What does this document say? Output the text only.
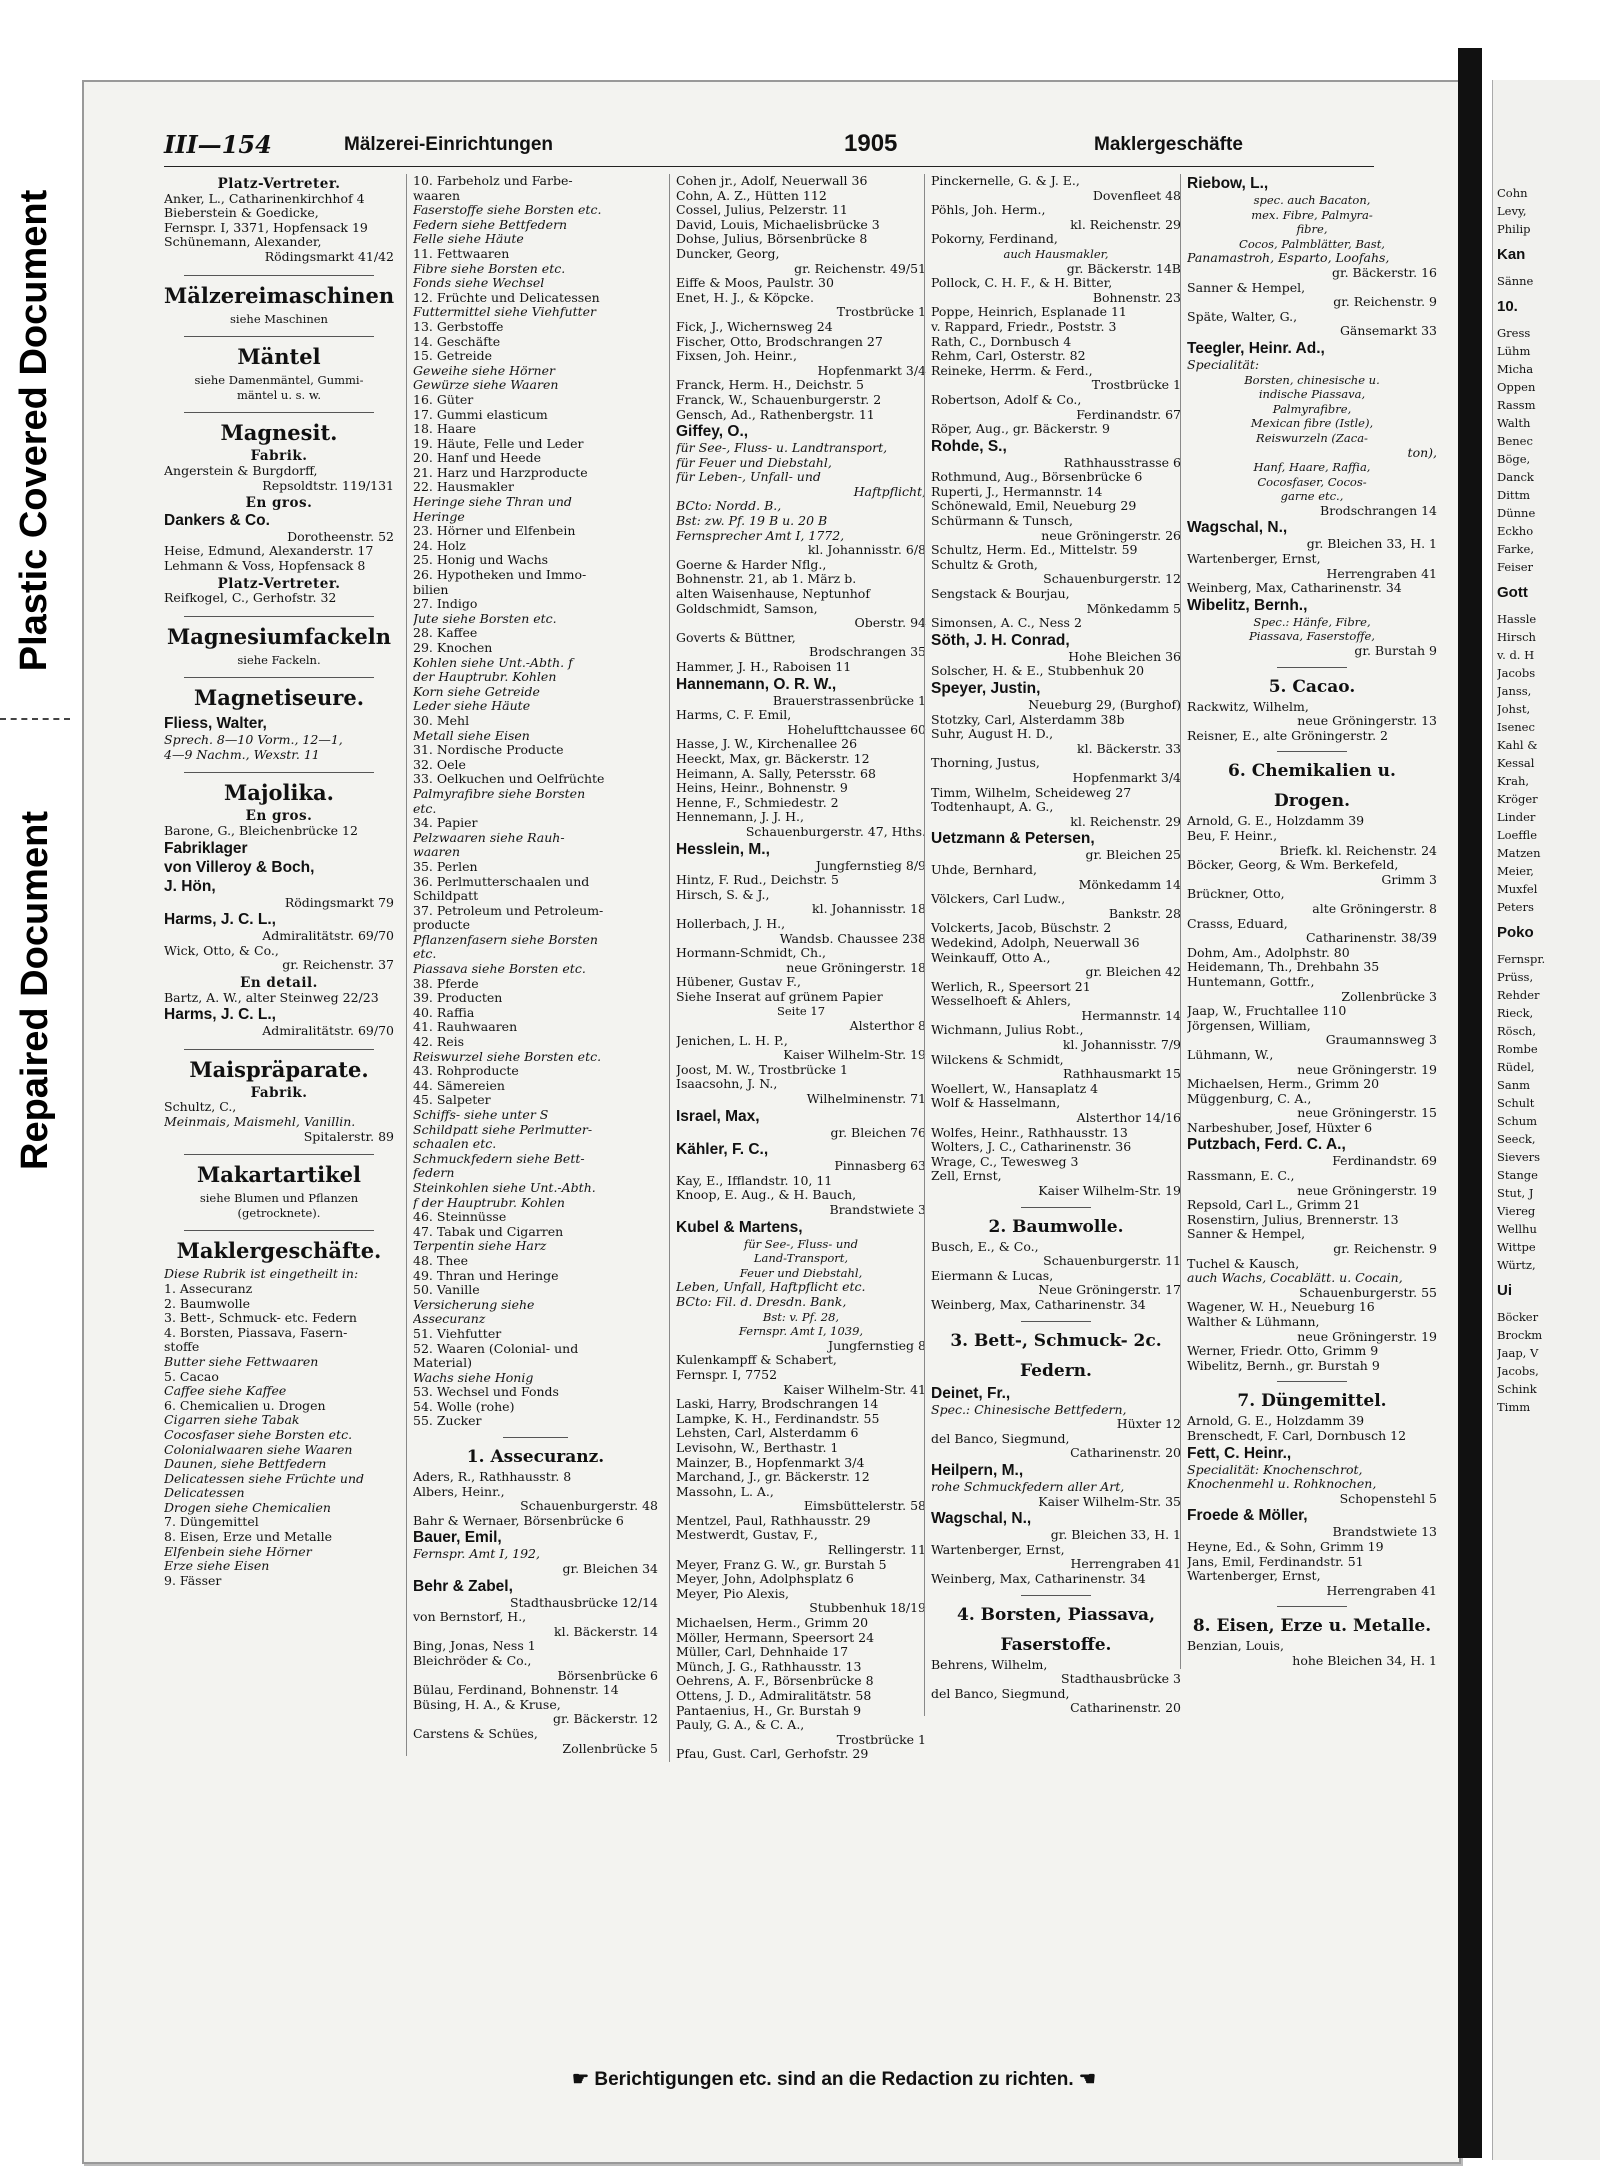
Plastic Covered Document
Repaired Document
III—154	Mälzerei-Einrichtungen	1905	Maklergeschäfte
Platz-Vertreter.
Anker, L., Catharinenkirchhof 4
Bieberstein & Goedicke,
Fernspr. I, 3371, Hopfensack 19
Schünemann, Alexander,
Rödingsmarkt 41/42
Mälzereimaschinen
siehe Maschinen
Mäntel
siehe Damenmäntel, Gummi-
mäntel u. s. w.
Magnesit.
Fabrik.
Angerstein & Burgdorff,
Repsoldtstr. 119/131
En gros.
Dankers & Co.
Dorotheenstr. 52
Heise, Edmund, Alexanderstr. 17
Lehmann & Voss, Hopfensack 8
Platz-Vertreter.
Reifkogel, C., Gerhofstr. 32
Magnesiumfackeln
siehe Fackeln.
Magnetiseure.
Fliess, Walter,
Sprech. 8—10 Vorm., 12—1,
4—9 Nachm., Wexstr. 11
Majolika.
En gros.
Barone, G., Bleichenbrücke 12
Fabriklager
von Villeroy & Boch,
J. Hön,
Rödingsmarkt 79
Harms, J. C. L.,
Admiralitätstr. 69/70
Wick, Otto, & Co.,
gr. Reichenstr. 37
En detail.
Bartz, A. W., alter Steinweg 22/23
Harms, J. C. L.,
Admiralitätstr. 69/70
Maispräparate.
Fabrik.
Schultz, C.,
Meinmais, Maismehl, Vanillin.
Spitalerstr. 89
Makartartikel
siehe Blumen und Pflanzen
(getrocknete).
Maklergeschäfte.
Diese Rubrik ist eingetheilt in:
1. Assecuranz
2. Baumwolle
3. Bett-, Schmuck- etc. Federn
4. Borsten, Piassava, Fasern-
stoffe
Butter siehe Fettwaaren
5. Cacao
Caffee siehe Kaffee
6. Chemicalien u. Drogen
Cigarren siehe Tabak
Cocosfaser siehe Borsten etc.
Colonialwaaren siehe Waaren
Daunen, siehe Bettfedern
Delicatessen siehe Früchte und
Delicatessen
Drogen siehe Chemicalien
7. Düngemittel
8. Eisen, Erze und Metalle
Elfenbein siehe Hörner
Erze siehe Eisen
9. Fässer
10. Farbeholz und Farbe-
waaren
Faserstoffe siehe Borsten etc.
Federn siehe Bettfedern
Felle siehe Häute
11. Fettwaaren
Fibre siehe Borsten etc.
Fonds siehe Wechsel
12. Früchte und Delicatessen
Futtermittel siehe Viehfutter
13. Gerbstoffe
14. Geschäfte
15. Getreide
Geweihe siehe Hörner
Gewürze siehe Waaren
16. Güter
17. Gummi elasticum
18. Haare
19. Häute, Felle und Leder
20. Hanf und Heede
21. Harz und Harzproducte
22. Hausmakler
Heringe siehe Thran und
Heringe
23. Hörner und Elfenbein
24. Holz
25. Honig und Wachs
26. Hypotheken und Immo-
bilien
27. Indigo
Jute siehe Borsten etc.
28. Kaffee
29. Knochen
Kohlen siehe Unt.-Abth. f
der Hauptrubr. Kohlen
Korn siehe Getreide
Leder siehe Häute
30. Mehl
Metall siehe Eisen
31. Nordische Producte
32. Oele
33. Oelkuchen und Oelfrüchte
Palmyrafibre siehe Borsten
etc.
34. Papier
Pelzwaaren siehe Rauh-
waaren
35. Perlen
36. Perlmutterschaalen und
Schildpatt
37. Petroleum und Petroleum-
producte
Pflanzenfasern siehe Borsten
etc.
Piassava siehe Borsten etc.
38. Pferde
39. Producten
40. Raffia
41. Rauhwaaren
42. Reis
Reiswurzel siehe Borsten etc.
43. Rohproducte
44. Sämereien
45. Salpeter
Schiffs- siehe unter S
Schildpatt siehe Perlmutter-
schaalen etc.
Schmuckfedern siehe Bett-
federn
Steinkohlen siehe Unt.-Abth.
f der Hauptrubr. Kohlen
46. Steinnüsse
47. Tabak und Cigarren
Terpentin siehe Harz
48. Thee
49. Thran und Heringe
50. Vanille
Versicherung siehe
Assecuranz
51. Viehfutter
52. Waaren (Colonial- und
Material)
Wachs siehe Honig
53. Wechsel und Fonds
54. Wolle (rohe)
55. Zucker
1. Assecuranz.
Aders, R., Rathhausstr. 8
Albers, Heinr.,
Schauenburgerstr. 48
Bahr & Wernaer, Börsenbrücke 6
Bauer, Emil,
Fernspr. Amt I, 192,
gr. Bleichen 34
Behr & Zabel,
Stadthausbrücke 12/14
von Bernstorf, H.,
kl. Bäckerstr. 14
Bing, Jonas, Ness 1
Bleichröder & Co.,
Börsenbrücke 6
Bülau, Ferdinand, Bohnenstr. 14
Büsing, H. A., & Kruse,
gr. Bäckerstr. 12
Carstens & Schües,
Zollenbrücke 5
Cohen jr., Adolf, Neuerwall 36
Cohn, A. Z., Hütten 112
Cossel, Julius, Pelzerstr. 11
David, Louis, Michaelisbrücke 3
Dohse, Julius, Börsenbrücke 8
Duncker, Georg,
gr. Reichenstr. 49/51
Eiffe & Moos, Paulstr. 30
Enet, H. J., & Köpcke.
Trostbrücke 1
Fick, J., Wichernsweg 24
Fischer, Otto, Brodschrangen 27
Fixsen, Joh. Heinr.,
Hopfenmarkt 3/4
Franck, Herm. H., Deichstr. 5
Franck, W., Schauenburgerstr. 2
Gensch, Ad., Rathenbergstr. 11
Giffey, O.,
für See-, Fluss- u. Landtransport,
für Feuer und Diebstahl,
für Leben-, Unfall- und
Haftpflicht,
BCto: Nordd. B.,
Bst: zw. Pf. 19 B u. 20 B
Fernsprecher Amt I, 1772,
kl. Johannisstr. 6/8
Goerne & Harder Nflg.,
Bohnenstr. 21, ab 1. März b.
alten Waisenhause, Neptunhof
Goldschmidt, Samson,
Oberstr. 94
Goverts & Büttner,
Brodschrangen 35
Hammer, J. H., Raboisen 11
Hannemann, O. R. W.,
Brauerstrassenbrücke 1
Harms, C. F. Emil,
Hohelufttchaussee 60
Hasse, J. W., Kirchenallee 26
Heeckt, Max, gr. Bäckerstr. 12
Heimann, A. Sally, Petersstr. 68
Heins, Heinr., Bohnenstr. 9
Henne, F., Schmiedestr. 2
Hennemann, J. J. H.,
Schauenburgerstr. 47, Hths.
Hesslein, M.,
Jungfernstieg 8/9
Hintz, F. Rud., Deichstr. 5
Hirsch, S. & J.,
kl. Johannisstr. 18
Hollerbach, J. H.,
Wandsb. Chaussee 238
Hormann-Schmidt, Ch.,
neue Gröningerstr. 18
Hübener, Gustav F.,
Siehe Inserat auf grünem Papier
Seite 17
Alsterthor 8
Jenichen, L. H. P.,
Kaiser Wilhelm-Str. 19
Joost, M. W., Trostbrücke 1
Isaacsohn, J. N.,
Wilhelminenstr. 71
Israel, Max,
gr. Bleichen 76
Kähler, F. C.,
Pinnasberg 63
Kay, E., Ifflandstr. 10, 11
Knoop, E. Aug., & H. Bauch,
Brandstwiete 3
Kubel & Martens,
für See-, Fluss- und
Land-Transport,
Feuer und Diebstahl,
Leben, Unfall, Haftpflicht etc.
BCto: Fil. d. Dresdn. Bank,
Bst: v. Pf. 28,
Fernspr. Amt I, 1039,
Jungfernstieg 8
Kulenkampff & Schabert,
Fernspr. I, 7752
Kaiser Wilhelm-Str. 41
Laski, Harry, Brodschrangen 14
Lampke, K. H., Ferdinandstr. 55
Lehsten, Carl, Alsterdamm 6
Levisohn, W., Berthastr. 1
Mainzer, B., Hopfenmarkt 3/4
Marchand, J., gr. Bäckerstr. 12
Massohn, L. A.,
Eimsbüttelerstr. 58
Mentzel, Paul, Rathhausstr. 29
Mestwerdt, Gustav, F.,
Rellingerstr. 11
Meyer, Franz G. W., gr. Burstah 5
Meyer, John, Adolphsplatz 6
Meyer, Pio Alexis,
Stubbenhuk 18/19
Michaelsen, Herm., Grimm 20
Möller, Hermann, Speersort 24
Müller, Carl, Dehnhaide 17
Münch, J. G., Rathhausstr. 13
Oehrens, A. F., Börsenbrücke 8
Ottens, J. D., Admiralitätstr. 58
Pantaenius, H., Gr. Burstah 9
Pauly, G. A., & C. A.,
Trostbrücke 1
Pfau, Gust. Carl, Gerhofstr. 29
Pinckernelle, G. & J. E.,
Dovenfleet 48
Pöhls, Joh. Herm.,
kl. Reichenstr. 29
Pokorny, Ferdinand,
auch Hausmakler,
gr. Bäckerstr. 14B
Pollock, C. H. F., & H. Bitter,
Bohnenstr. 23
Poppe, Heinrich, Esplanade 11
v. Rappard, Friedr., Poststr. 3
Rath, C., Dornbusch 4
Rehm, Carl, Osterstr. 82
Reineke, Herrm. & Ferd.,
Trostbrücke 1
Robertson, Adolf & Co.,
Ferdinandstr. 67
Röper, Aug., gr. Bäckerstr. 9
Rohde, S.,
Rathhausstrasse 6
Rothmund, Aug., Börsenbrücke 6
Ruperti, J., Hermannstr. 14
Schönewald, Emil, Neueburg 29
Schürmann & Tunsch,
neue Gröningerstr. 26
Schultz, Herm. Ed., Mittelstr. 59
Schultz & Groth,
Schauenburgerstr. 12
Sengstack & Bourjau,
Mönkedamm 5
Simonsen, A. C., Ness 2
Söth, J. H. Conrad,
Hohe Bleichen 36
Solscher, H. & E., Stubbenhuk 20
Speyer, Justin,
Neueburg 29, (Burghof)
Stotzky, Carl, Alsterdamm 38b
Suhr, August H. D.,
kl. Bäckerstr. 33
Thorning, Justus,
Hopfenmarkt 3/4
Timm, Wilhelm, Scheideweg 27
Todtenhaupt, A. G.,
kl. Reichenstr. 29
Uetzmann & Petersen,
gr. Bleichen 25
Uhde, Bernhard,
Mönkedamm 14
Völckers, Carl Ludw.,
Bankstr. 28
Volckerts, Jacob, Büschstr. 2
Wedekind, Adolph, Neuerwall 36
Weinkauff, Otto A.,
gr. Bleichen 42
Werlich, R., Speersort 21
Wesselhoeft & Ahlers,
Hermannstr. 14
Wichmann, Julius Robt.,
kl. Johannisstr. 7/9
Wilckens & Schmidt,
Rathhausmarkt 15
Woellert, W., Hansaplatz 4
Wolf & Hasselmann,
Alsterthor 14/16
Wolfes, Heinr., Rathhausstr. 13
Wolters, J. C., Catharinenstr. 36
Wrage, C., Tewesweg 3
Zell, Ernst,
Kaiser Wilhelm-Str. 19
2. Baumwolle.
Busch, E., & Co.,
Schauenburgerstr. 11
Eiermann & Lucas,
Neue Gröningerstr. 17
Weinberg, Max, Catharinenstr. 34
3. Bett-, Schmuck- 2c.
Federn.
Deinet, Fr.,
Spec.: Chinesische Bettfedern,
Hüxter 12
del Banco, Siegmund,
Catharinenstr. 20
Heilpern, M.,
rohe Schmuckfedern aller Art,
Kaiser Wilhelm-Str. 35
Wagschal, N.,
gr. Bleichen 33, H. 1
Wartenberger, Ernst,
Herrengraben 41
Weinberg, Max, Catharinenstr. 34
4. Borsten, Piassava,
Faserstoffe.
Behrens, Wilhelm,
Stadthausbrücke 3
del Banco, Siegmund,
Catharinenstr. 20
Riebow, L.,
spec. auch Bacaton,
mex. Fibre, Palmyra-
fibre,
Cocos, Palmblätter, Bast,
Panamastroh, Esparto, Loofahs,
gr. Bäckerstr. 16
Sanner & Hempel,
gr. Reichenstr. 9
Späte, Walter, G.,
Gänsemarkt 33
Teegler, Heinr. Ad.,
Specialität:
Borsten, chinesische u.
indische Piassava,
Palmyrafibre,
Mexican fibre (Istle),
Reiswurzeln (Zaca-
ton),
Hanf, Haare, Raffia,
Cocosfaser, Cocos-
garne etc.,
Brodschrangen 14
Wagschal, N.,
gr. Bleichen 33, H. 1
Wartenberger, Ernst,
Herrengraben 41
Weinberg, Max, Catharinenstr. 34
Wibelitz, Bernh.,
Spec.: Hänfe, Fibre,
Piassava, Faserstoffe,
gr. Burstah 9
5. Cacao.
Rackwitz, Wilhelm,
neue Gröningerstr. 13
Reisner, E., alte Gröningerstr. 2
6. Chemikalien u.
Drogen.
Arnold, G. E., Holzdamm 39
Beu, F. Heinr.,
Briefk. kl. Reichenstr. 24
Böcker, Georg, & Wm. Berkefeld,
Grimm 3
Brückner, Otto,
alte Gröningerstr. 8
Crasss, Eduard,
Catharinenstr. 38/39
Dohm, Am., Adolphstr. 80
Heidemann, Th., Drehbahn 35
Huntemann, Gottfr.,
Zollenbrücke 3
Jaap, W., Fruchtallee 110
Jörgensen, William,
Graumannsweg 3
Lühmann, W.,
neue Gröningerstr. 19
Michaelsen, Herm., Grimm 20
Müggenburg, C. A.,
neue Gröningerstr. 15
Narbeshuber, Josef, Hüxter 6
Putzbach, Ferd. C. A.,
Ferdinandstr. 69
Rassmann, E. C.,
neue Gröningerstr. 19
Repsold, Carl L., Grimm 21
Rosenstirn, Julius, Brennerstr. 13
Sanner & Hempel,
gr. Reichenstr. 9
Tuchel & Kausch,
auch Wachs, Cocablätt. u. Cocain,
Schauenburgerstr. 55
Wagener, W. H., Neueburg 16
Walther & Lühmann,
neue Gröningerstr. 19
Werner, Friedr. Otto, Grimm 9
Wibelitz, Bernh., gr. Burstah 9
7. Düngemittel.
Arnold, G. E., Holzdamm 39
Brenschedt, F. Carl, Dornbusch 12
Fett, C. Heinr.,
Specialität: Knochenschrot,
Knochenmehl u. Rohknochen,
Schopenstehl 5
Froede & Möller,
Brandstwiete 13
Heyne, Ed., & Sohn, Grimm 19
Jans, Emil, Ferdinandstr. 51
Wartenberger, Ernst,
Herrengraben 41
8. Eisen, Erze u. Metalle.
Benzian, Louis,
hohe Bleichen 34, H. 1
☛ Berichtigungen etc. sind an die Redaction zu richten. ☚
Cohn
Levy,
Philip
Kan
Sänne
10.
Gress
Lühm
Micha
Oppen
Rassm
Walth
Benec
Böge,
Danck
Dittm
Dünne
Eckho
Farke,
Feiser
Gott
Hassle
Hirsch
v. d. H
Jacobs
Janss,
Johst,
Isenec
Kahl &
Kessal
Krah,
Kröger
Linder
Loeffle
Matzen
Meier,
Muxfel
Peters
Poko
Fernspr.
Prüss,
Rehder
Rieck,
Rösch,
Rombe
Rüdel,
Sanm
Schult
Schum
Seeck,
Sievers
Stange
Stut, J
Viereg
Wellhu
Wittpe
Würtz,
Ui
Böcker
Brockm
Jaap, V
Jacobs,
Schink
Timm
